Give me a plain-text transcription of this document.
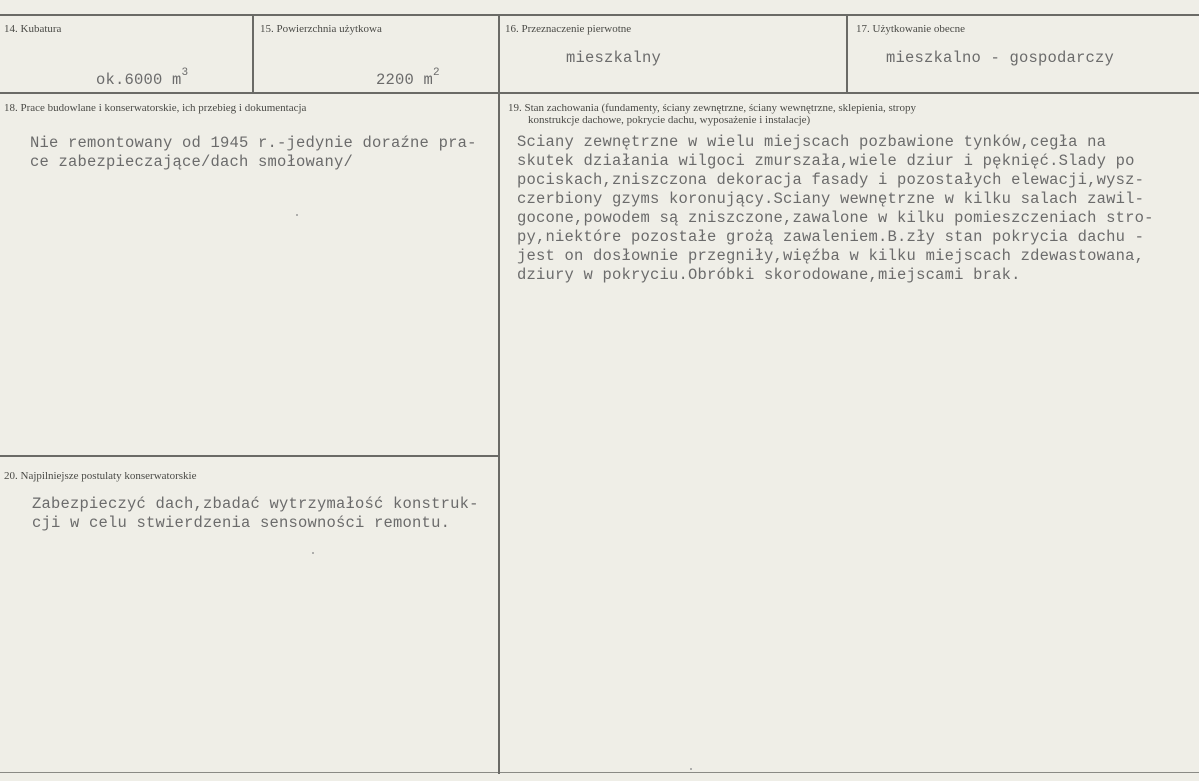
14. Kubatura

ok.6000 $m^3$

15. Powierzchnia użytkowa

2200 $m^2$

16. Przeznaczenie pierwotne
mieszkalny
17. Użytkowanie obecne
mieszkalno - gospodarczy
18. Prace budowlane i konserwatorskie, ich przebieg i dokumentacja
Nie remontowany od 1945 r.-jedynie doraźne pra-
ce zabezpieczające/dach smołowany/
19. Stan zachowania (fundamenty, ściany zewnętrzne, ściany wewnętrzne, sklepienia, stropy
konstrukcje dachowe, pokrycie dachu, wyposażenie i instalacje)
Sciany zewnętrzne w wielu miejscach pozbawione tynków,cegła na
skutek działania wilgoci zmurszała,wiele dziur i pęknięć.Slady po
pociskach,zniszczona dekoracja fasady i pozostałych elewacji,wysz-
czerbiony gzyms koronujący.Sciany wewnętrzne w kilku salach zawil-
gocone,powodem są zniszczone,zawalone w kilku pomieszczeniach stro-
py,niektóre pozostałe grożą zawaleniem.B.zły stan pokrycia dachu -
jest on dosłownie przegniły,więźba w kilku miejscach zdewastowana,
dziury w pokryciu.Obróbki skorodowane,miejscami brak.
20. Najpilniejsze postulaty konserwatorskie
Zabezpieczyć dach,zbadać wytrzymałość konstruk-
cji w celu stwierdzenia sensowności remontu.
